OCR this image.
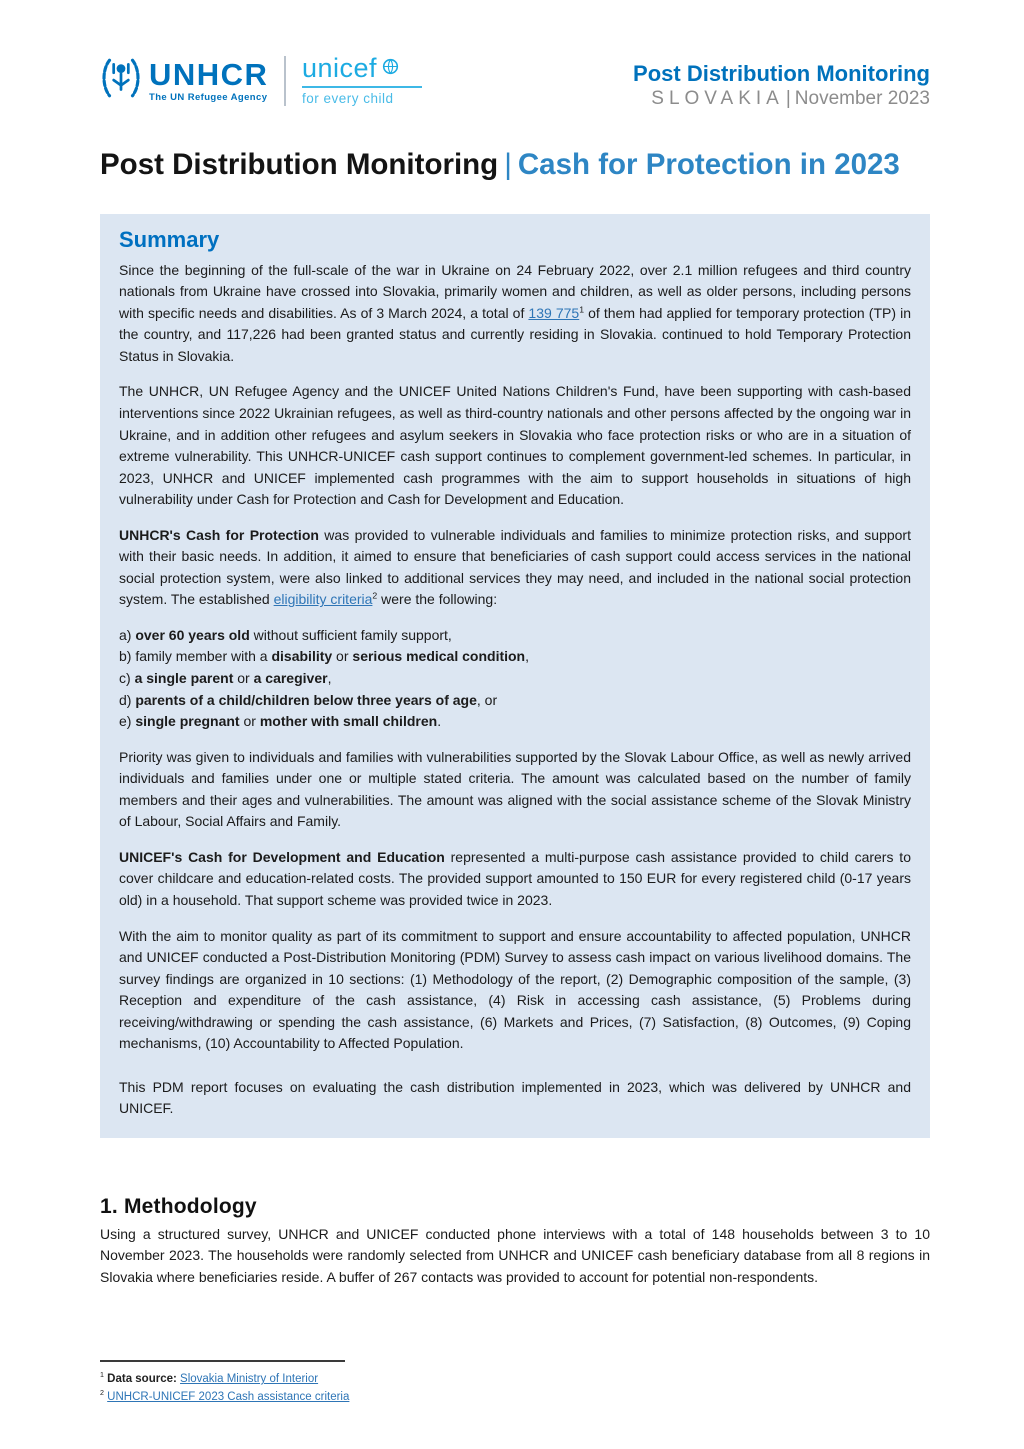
UNHCR
The UN Refugee Agency
unicef
for every child
Post Distribution Monitoring
SLOVAKIA | November 2023
Post Distribution Monitoring | Cash for Protection in 2023
Summary

Since the beginning of the full-scale of the war in Ukraine on 24 February 2022, over 2.1 million refugees and third country nationals from Ukraine have crossed into Slovakia, primarily women and children, as well as older persons, including persons with specific needs and disabilities. As of 3 March 2024, a total of 139 $775^1$ of them had applied for temporary protection (TP) in the country, and 117,226 had been granted status and currently residing in Slovakia. continued to hold Temporary Protection Status in Slovakia.

The UNHCR, UN Refugee Agency and the UNICEF United Nations Children's Fund, have been supporting with cash-based interventions since 2022 Ukrainian refugees, as well as third-country nationals and other persons affected by the ongoing war in Ukraine, and in addition other refugees and asylum seekers in Slovakia who face protection risks or who are in a situation of extreme vulnerability. This UNHCR-UNICEF cash support continues to complement government-led schemes. In particular, in 2023, UNHCR and UNICEF implemented cash programmes with the aim to support households in situations of high vulnerability under Cash for Protection and Cash for Development and Education.

UNHCR's Cash for Protection was provided to vulnerable individuals and families to minimize protection risks, and support with their basic needs. In addition, it aimed to ensure that beneficiaries of cash support could access services in the national social protection system, were also linked to additional services they may need, and included in the national social protection system. The established eligibility criteria$^2$ were the following:

a) over 60 years old without sufficient family support,

b) family member with a disability or serious medical condition,

c) a single parent or a caregiver,

d) parents of a child/children below three years of age, or

e) single pregnant or mother with small children.

Priority was given to individuals and families with vulnerabilities supported by the Slovak Labour Office, as well as newly arrived individuals and families under one or multiple stated criteria. The amount was calculated based on the number of family members and their ages and vulnerabilities. The amount was aligned with the social assistance scheme of the Slovak Ministry of Labour, Social Affairs and Family.

UNICEF's Cash for Development and Education represented a multi-purpose cash assistance provided to child carers to cover childcare and education-related costs. The provided support amounted to 150 EUR for every registered child (0-17 years old) in a household. That support scheme was provided twice in 2023.

With the aim to monitor quality as part of its commitment to support and ensure accountability to affected population, UNHCR and UNICEF conducted a Post-Distribution Monitoring (PDM) Survey to assess cash impact on various livelihood domains. The survey findings are organized in 10 sections: (1) Methodology of the report, (2) Demographic composition of the sample, (3) Reception and expenditure of the cash assistance, (4) Risk in accessing cash assistance, (5) Problems during receiving/withdrawing or spending the cash assistance, (6) Markets and Prices, (7) Satisfaction, (8) Outcomes, (9) Coping mechanisms, (10) Accountability to Affected Population.

This PDM report focuses on evaluating the cash distribution implemented in 2023, which was delivered by UNHCR and UNICEF.

1. Methodology

Using a structured survey, UNHCR and UNICEF conducted phone interviews with a total of 148 households between 3 to 10 November 2023. The households were randomly selected from UNHCR and UNICEF cash beneficiary database from all 8 regions in Slovakia where beneficiaries reside. A buffer of 267 contacts was provided to account for potential non-respondents.

$^1$ Data source: Slovakia Ministry of Interior
$^2$ UNHCR-UNICEF 2023 Cash assistance criteria
